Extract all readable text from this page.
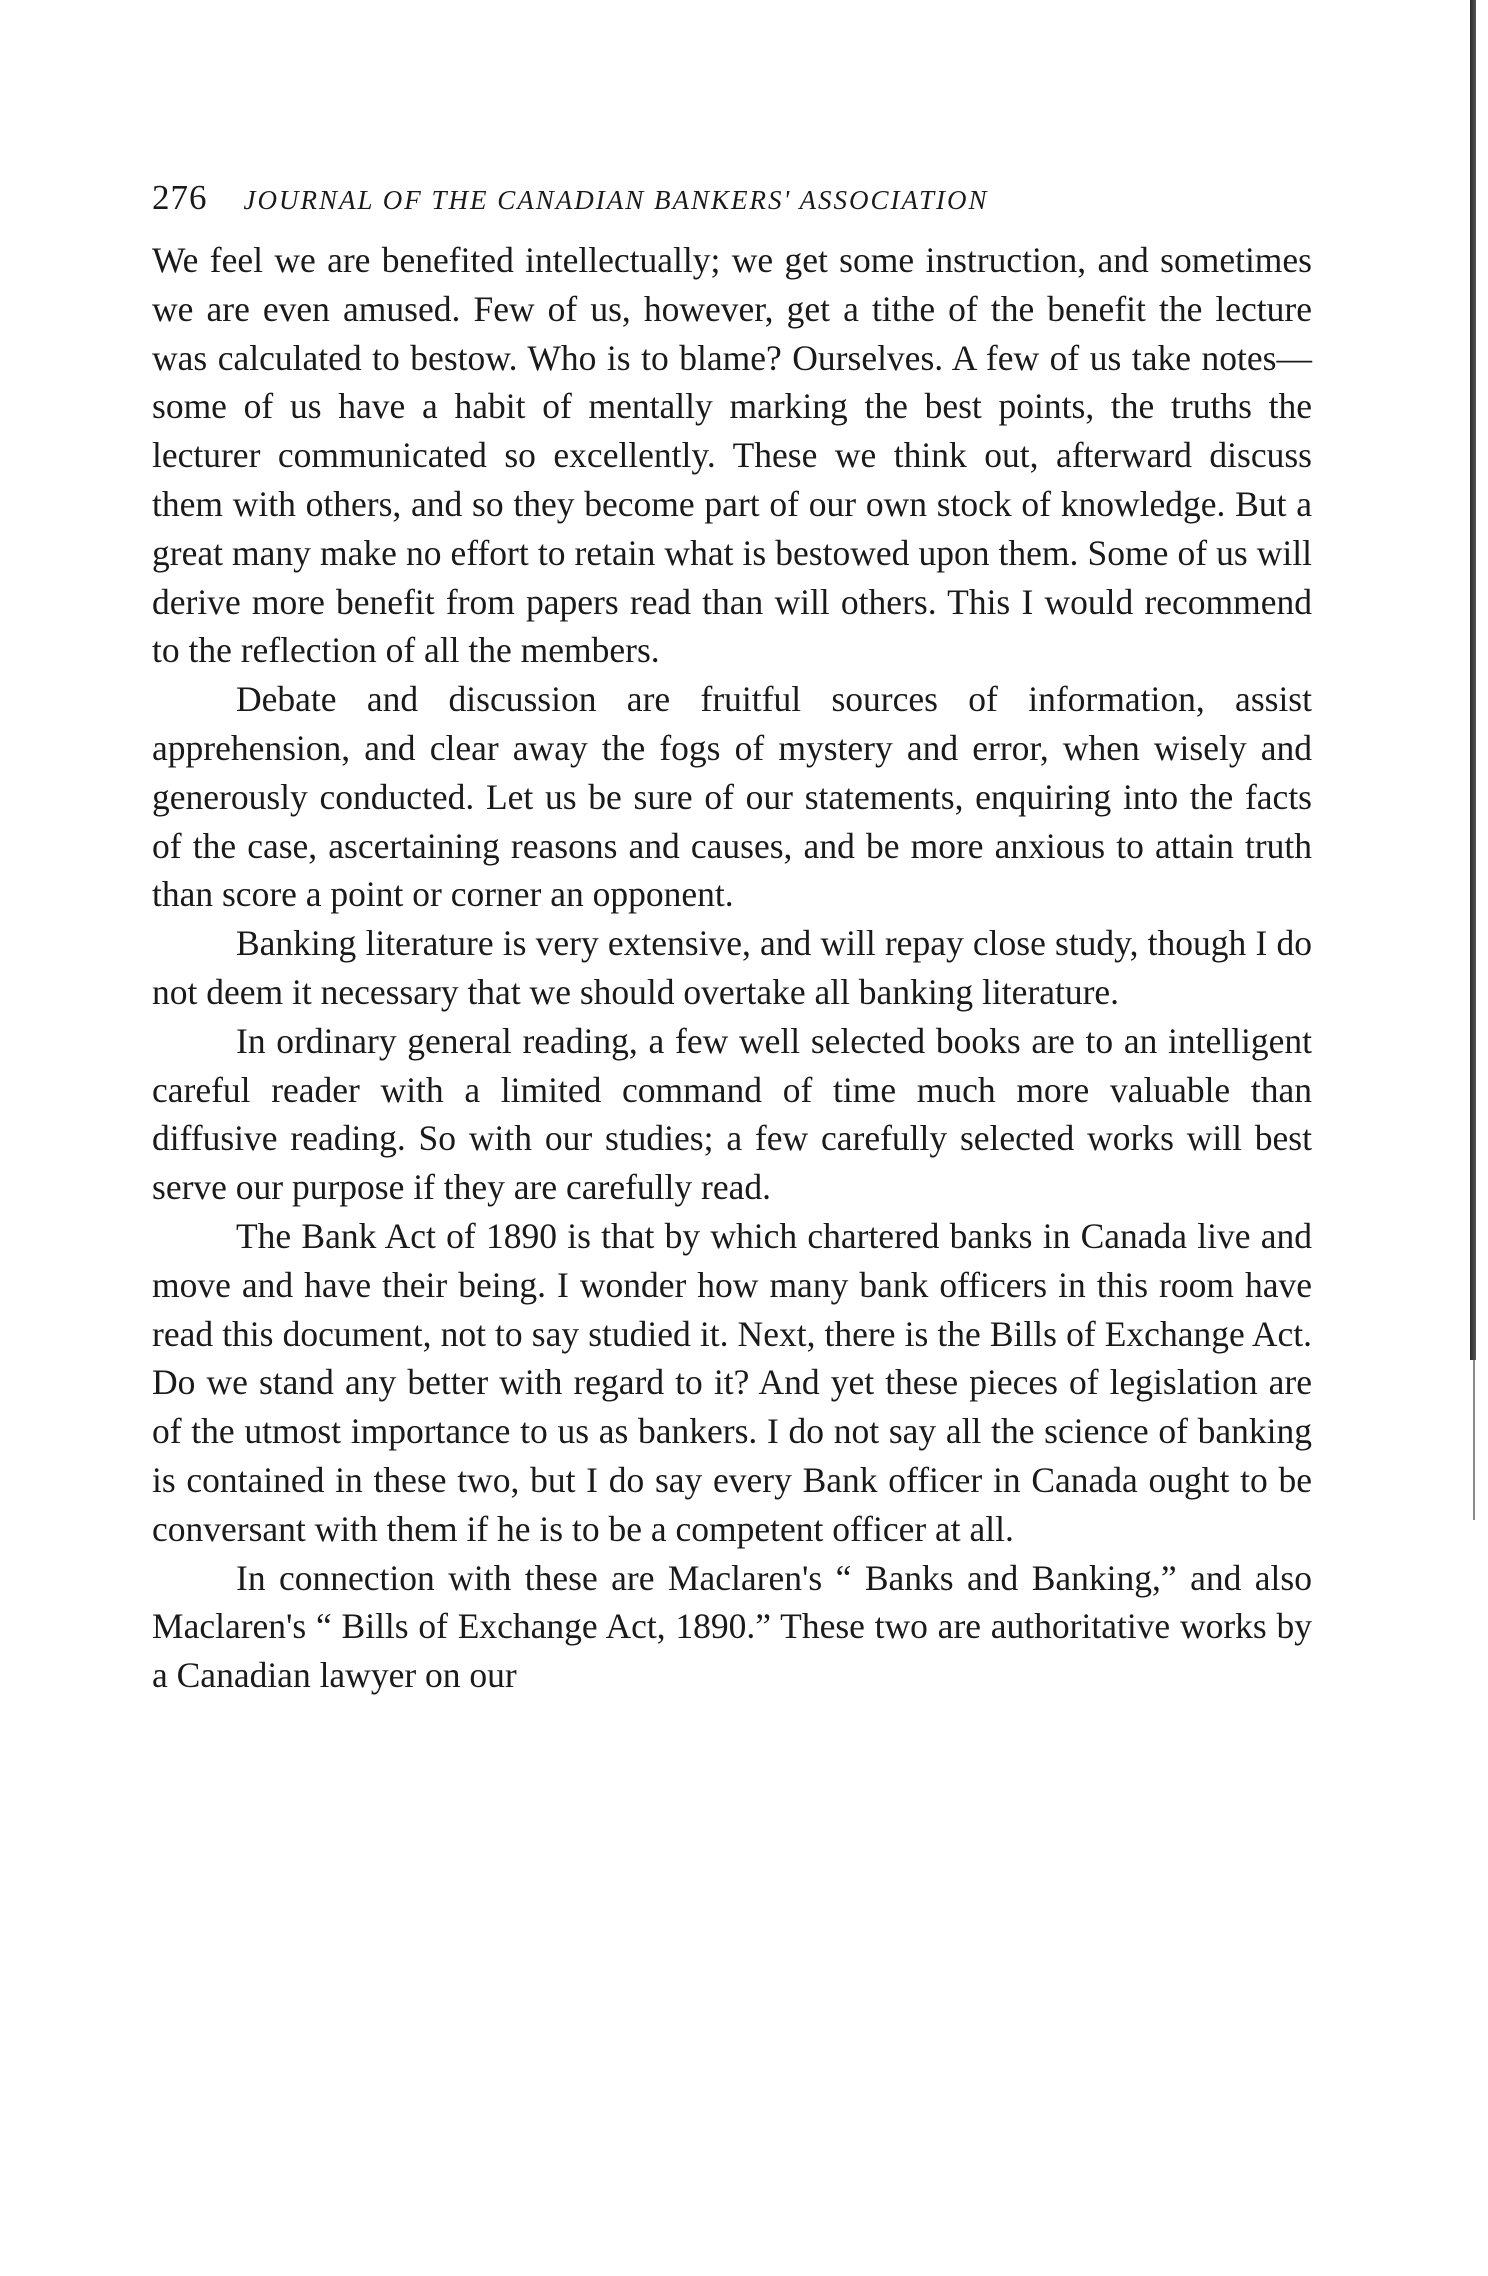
276 JOURNAL OF THE CANADIAN BANKERS' ASSOCIATION

We feel we are benefited intellectually; we get some instruction, and sometimes we are even amused. Few of us, however, get a tithe of the benefit the lecture was calculated to bestow. Who is to blame? Ourselves. A few of us take notes—some of us have a habit of mentally marking the best points, the truths the lecturer communicated so excellently. These we think out, afterward discuss them with others, and so they become part of our own stock of knowledge. But a great many make no effort to retain what is bestowed upon them. Some of us will derive more benefit from papers read than will others. This I would recommend to the reflection of all the members.

Debate and discussion are fruitful sources of information, assist apprehension, and clear away the fogs of mystery and error, when wisely and generously conducted. Let us be sure of our statements, enquiring into the facts of the case, ascertaining reasons and causes, and be more anxious to attain truth than score a point or corner an opponent.

Banking literature is very extensive, and will repay close study, though I do not deem it necessary that we should overtake all banking literature.

In ordinary general reading, a few well selected books are to an intelligent careful reader with a limited command of time much more valuable than diffusive reading. So with our studies; a few carefully selected works will best serve our purpose if they are carefully read.

The Bank Act of 1890 is that by which chartered banks in Canada live and move and have their being. I wonder how many bank officers in this room have read this document, not to say studied it. Next, there is the Bills of Exchange Act. Do we stand any better with regard to it? And yet these pieces of legislation are of the utmost importance to us as bankers. I do not say all the science of banking is contained in these two, but I do say every Bank officer in Canada ought to be conversant with them if he is to be a competent officer at all.

In connection with these are Maclaren's “ Banks and Banking,” and also Maclaren's “ Bills of Exchange Act, 1890.” These two are authoritative works by a Canadian lawyer on our
